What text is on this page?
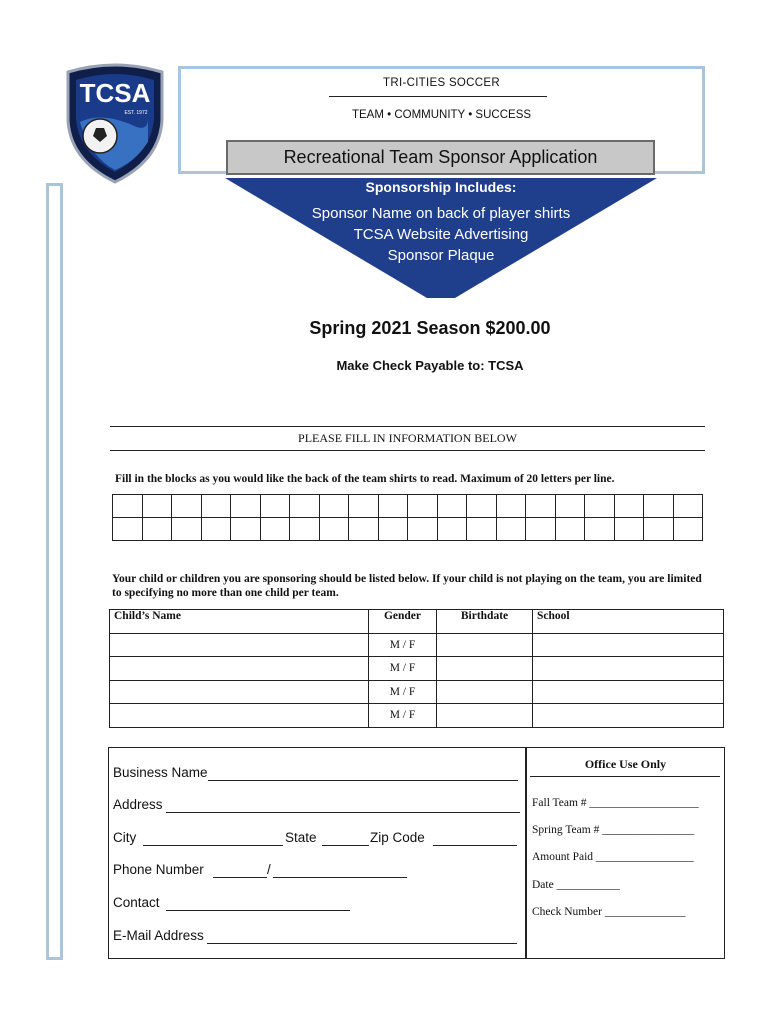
TCSA
EST. 1972
TRI-CITIES SOCCER
TEAM • COMMUNITY • SUCCESS
Recreational Team Sponsor Application
Sponsorship Includes:
Sponsor Name on back of player shirts
TCSA Website Advertising
Sponsor Plaque
Spring 2021 Season $200.00
Make Check Payable to: TCSA
PLEASE FILL IN INFORMATION BELOW
Fill in the blocks as you would like the back of the team shirts to read. Maximum of 20 letters per line.

Your child or children you are sponsoring should be listed below. If your child is not playing on the team, you are limited to specifying no more than one child per team.
Child’s Name	Gender	Birthdate	School
	M / F		
	M / F		
	M / F		
	M / F		
Business Name
Address
City	State	Zip Code
Phone Number	/
Contact
E-Mail Address
Office Use Only
Fall Team # ___________________
Spring Team # ________________
Amount Paid _________________
Date ___________
Check Number ______________
